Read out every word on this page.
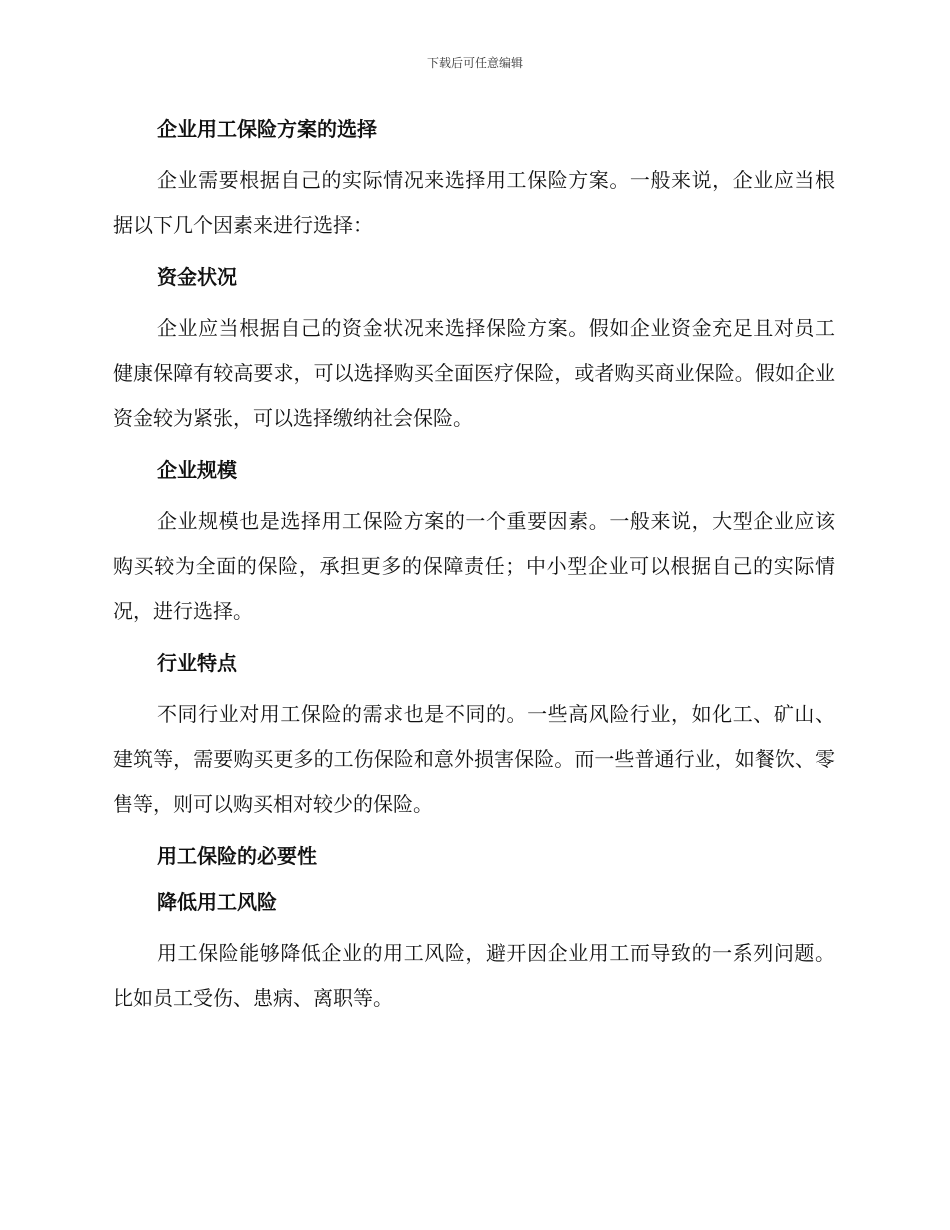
下载后可任意编辑
企业用工保险方案的选择

企业需要根据自己的实际情况来选择用工保险方案。一般来说，企业应当根据以下几个因素来进行选择：

资金状况

企业应当根据自己的资金状况来选择保险方案。假如企业资金充足且对员工健康保障有较高要求，可以选择购买全面医疗保险，或者购买商业保险。假如企业资金较为紧张，可以选择缴纳社会保险。

企业规模

企业规模也是选择用工保险方案的一个重要因素。一般来说，大型企业应该购买较为全面的保险，承担更多的保障责任；中小型企业可以根据自己的实际情况，进行选择。

行业特点

不同行业对用工保险的需求也是不同的。一些高风险行业，如化工、矿山、建筑等，需要购买更多的工伤保险和意外损害保险。而一些普通行业，如餐饮、零售等，则可以购买相对较少的保险。

用工保险的必要性
降低用工风险

用工保险能够降低企业的用工风险，避开因企业用工而导致的一系列问题。比如员工受伤、患病、离职等。
